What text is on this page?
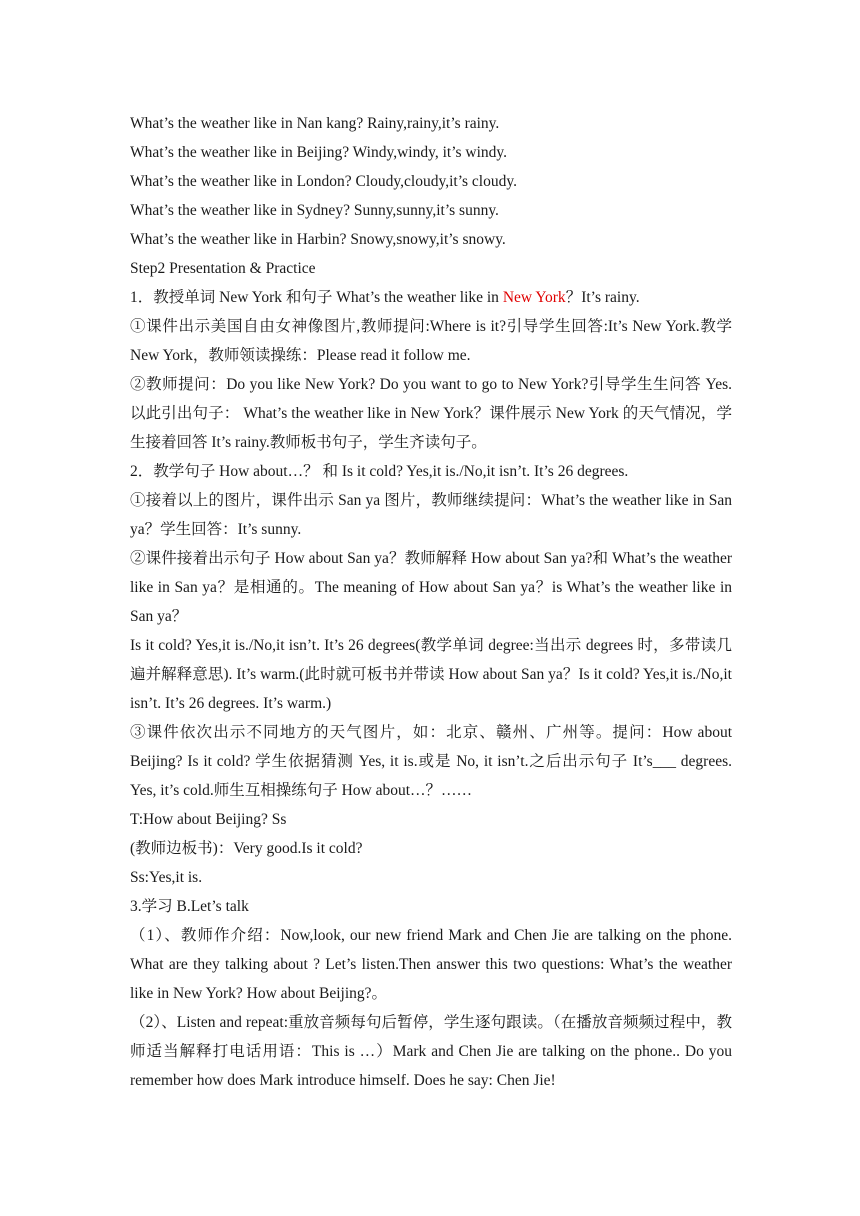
What’s the weather like in Nan kang? Rainy,rainy,it’s rainy.

What’s the weather like in Beijing? Windy,windy, it’s windy.

What’s the weather like in London? Cloudy,cloudy,it’s cloudy.

What’s the weather like in Sydney? Sunny,sunny,it’s sunny.

What’s the weather like in Harbin? Snowy,snowy,it’s snowy.

Step2 Presentation & Practice

1．教授单词 New York 和句子 What’s the weather like in New York？It’s rainy.

①课件出示美国自由女神像图片,教师提问:Where is it?引导学生回答:It’s New York.教学 New York，教师领读操练：Please read it follow me.

②教师提问：Do you like New York? Do you want to go to New York?引导学生生问答 Yes.以此引出句子： What’s the weather like in New York？课件展示 New York 的天气情况，学生接着回答 It’s rainy.教师板书句子，学生齐读句子。

2．教学句子 How about…？ 和 Is it cold? Yes,it is./No,it isn’t. It’s 26 degrees.

①接着以上的图片，课件出示 San ya 图片，教师继续提问：What’s the weather like in San ya？学生回答：It’s sunny.

②课件接着出示句子 How about San ya？教师解释 How about San ya?和 What’s the weather like in San ya？是相通的。The meaning of How about San ya？is What’s the weather like in San ya？

Is it cold? Yes,it is./No,it isn’t. It’s 26 degrees(教学单词 degree:当出示 degrees 时，多带读几遍并解释意思). It’s warm.(此时就可板书并带读 How about San ya？Is it cold? Yes,it is./No,it isn’t. It’s 26 degrees. It’s warm.)

③课件依次出示不同地方的天气图片，如：北京、赣州、广州等。提问：How about Beijing? Is it cold? 学生依据猜测 Yes, it is.或是 No, it isn’t.之后出示句子 It’s___ degrees. Yes, it’s cold.师生互相操练句子 How about…？……

T:How about Beijing? Ss

(教师边板书)：Very good.Is it cold?

Ss:Yes,it is.

3.学习 B.Let’s talk

（1）、教师作介绍：Now,look, our new friend Mark and Chen Jie are talking on the phone. What are they talking about ? Let’s listen.Then answer this two questions: What’s the weather like in New York? How about Beijing?。

（2）、Listen and repeat:重放音频每句后暂停，学生逐句跟读。（在播放音频频过程中，教师适当解释打电话用语：This is …）Mark and Chen Jie are talking on the phone.. Do you remember how does Mark introduce himself. Does he say: Chen Jie!
